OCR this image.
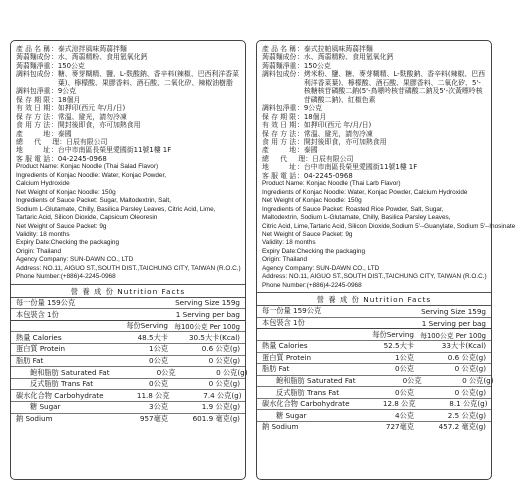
產 品 名 稱 ： 泰式涼拌風味蒟蒻拌麵
蒟蒻麵成份 ： 水、蒟蒻精粉、食用氫氧化鈣
蒟蒻麵淨重 ： 150公克
調料包成份 ： 糖、麥芽糊精、鹽、L-麩酸鈉、香辛料(辣椒、巴西利洋香菜葉)、檸檬酸、果膠香料、酒石酸、二氧化矽、辣椒油樹脂
調料包淨重 ： 9公克
保 存 期 限 ： 18個月
有 效 日 期 ： 如押印(西元 年/月/日)
保 存 方 法 ： 常溫、避光，請勿冷凍
食 用 方 法 ： 開封後即食，亦可加熱食用
產 　 　 地 ： 泰國
總 　 代 　 理 ： 日辰有限公司
地 　 　 址 ： 台中市南區長榮里愛國街11號1樓 1F
客 服 電 話 ： 04-2245-0968
Product Name: Konjac Noodle (Thai Salad Flavor)
Ingredients of Konjac Noodle: Water, Konjac Powder,
Calcium Hydroxide
Net Weight of Konjac Noodle: 150g
Ingredients of Sauce Packet: Sugar, Maltodextrin, Salt,
Sodium L-Glutamate, Chilly, Basilica Parsley Leaves, Citric Acid, Lime,
Tartaric Acid, Silicon Dioxide, Capsicum Oleoresin
Net Weight of Sauce Packet: 9g
Validity: 18 months
Expiry Date:Checking the packaging
Origin: Thailand
Agency Company: SUN-DAWN CO., LTD
Address: NO.11, AIGUO ST.,SOUTH DIST.,TAICHUNG CITY, TAIWAN (R.O.C.)
Phone Number:(+886)4-2245-0968
營 養 成 份 Nutrition Facts
每一份量 159公克	Serving Size 159g
本包裝含 1份	1 Serving per bag
每份Serving 每100公克 Per 100g
熱量 Calories	48.5大卡	30.5大卡(Kcal)
蛋白質 Protein	1公克	0.6 公克(g)
脂肪 Fat	0公克	0 公克(g)
飽和脂肪 Saturated Fat	0公克	0 公克(g)
反式脂肪 Trans Fat	0公克	0 公克(g)
碳水化合物 Carbohydrate	11.8 公克	7.4 公克(g)
糖 Sugar	3公克	1.9 公克(g)
鈉 Sodium	957毫克	601.9 毫克(g)
產 品 名 稱 ： 泰式拉帕風味蒟蒻拌麵
蒟蒻麵成份 ： 水、蒟蒻精粉、食用氫氧化鈣
蒟蒻麵淨重 ： 150公克
調料包成份 ： 烤米粉、鹽、糖、麥芽糊精、L-麩酸鈉、香辛料(辣椒、巴西利洋香菜葉)、檸檬酸、酒石酸、果膠香料、二氧化矽、5'-核糖核苷磷酸二鈉(5'-鳥嘌呤核苷磷酸二鈉及5'-次黃嘌呤核苷磷酸二鈉)、紅椒色素
調料包淨重 ： 9公克
保 存 期 限 ： 18個月
有 效 日 期 ： 如押印(西元 年/月/日)
保 存 方 法 ： 常溫、避光，請勿冷凍
食 用 方 法 ： 開封後即食，亦可加熱食用
產 　 　 地 ： 泰國
總 　 代 　 理 ： 日辰有限公司
地 　 　 址 ： 台中市南區長榮里愛國街11號1樓 1F
客 服 電 話 ： 04-2245-0968
Product Name: Konjac Noodle (Thai Larb Flavor)
Ingredients of Konjac Noodle: Water, Konjac Powder, Calcium Hydroxide
Net Weight of Konjac Noodle: 150g
Ingredients of Sauce Packet: Roasted Rice Powder, Salt, Sugar,
Maltodextrin, Sodium L-Glutamate, Chilly, Basilica Parsley Leaves,
Citric Acid, Lime,Tartaric Acid, Silicon Dioxide,Sodium 5'--Guanylate, Sodium 5'--Inosinate
Net Weight of Sauce Packet: 9g
Validity: 18 months
Expiry Date:Checking the packaging
Origin: Thailand
Agency Company: SUN-DAWN CO., LTD
Address: NO.11, AIGUO ST.,SOUTH DIST.,TAICHUNG CITY, TAIWAN (R.O.C.)
Phone Number:(+886)4-2245-0968
營 養 成 份 Nutrition Facts
每一份量 159公克	Serving Size 159g
本包裝含 1份	1 Serving per bag
每份Serving 每100公克 Per 100g
熱量 Calories	52.5大卡	33大卡(Kcal)
蛋白質 Protein	1公克	0.6 公克(g)
脂肪 Fat	0公克	0 公克(g)
飽和脂肪 Saturated Fat	0公克	0 公克(g)
反式脂肪 Trans Fat	0公克	0 公克(g)
碳水化合物 Carbohydrate	12.8 公克	8.1 公克(g)
糖 Sugar	4公克	2.5 公克(g)
鈉 Sodium	727毫克	457.2 毫克(g)
